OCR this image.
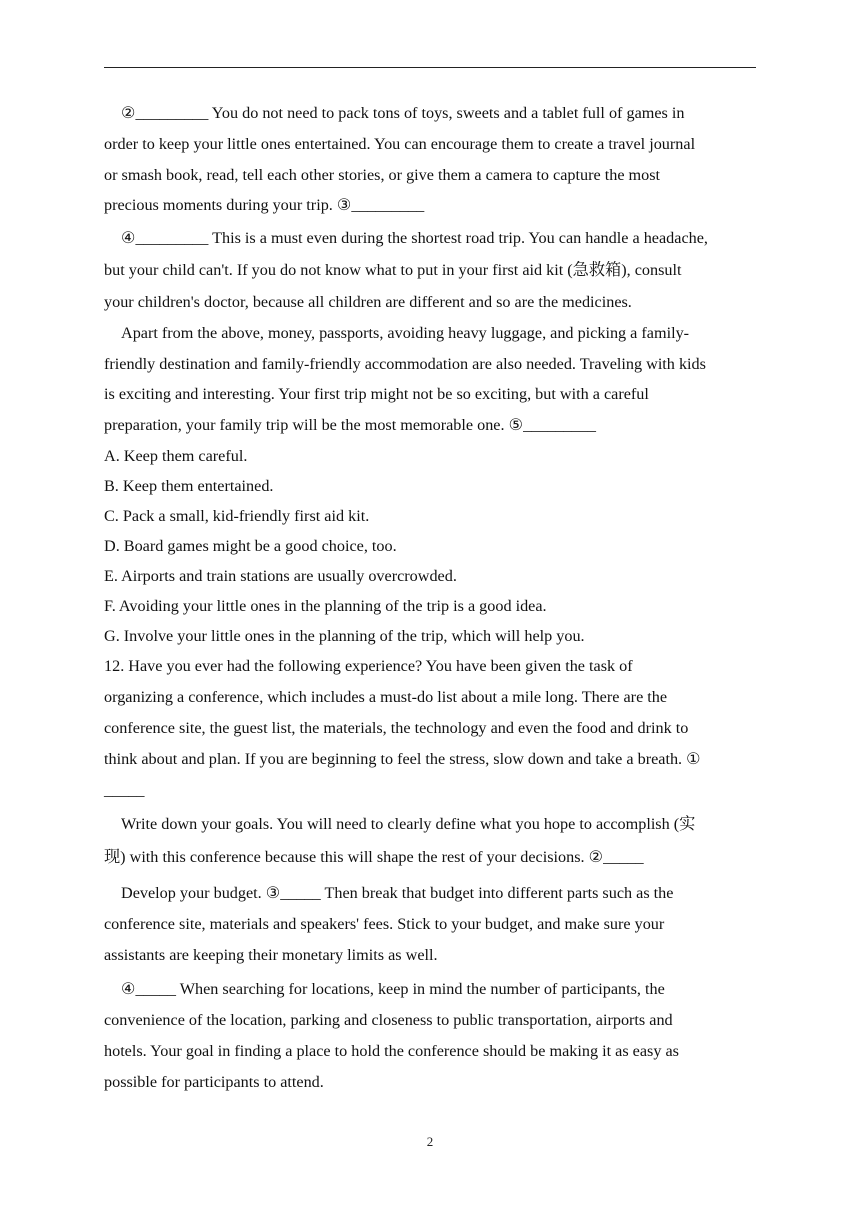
②_________ You do not need to pack tons of toys, sweets and a tablet full of games in
order to keep your little ones entertained. You can encourage them to create a travel journal
or smash book, read, tell each other stories, or give them a camera to capture the most
precious moments during your trip. ③_________
④_________ This is a must even during the shortest road trip. You can handle a headache,
but your child can't. If you do not know what to put in your first aid kit (急救箱), consult
your children's doctor, because all children are different and so are the medicines.
Apart from the above, money, passports, avoiding heavy luggage, and picking a family-
friendly destination and family-friendly accommodation are also needed. Traveling with kids
is exciting and interesting. Your first trip might not be so exciting, but with a careful
preparation, your family trip will be the most memorable one. ⑤_________

A. Keep them careful.

B. Keep them entertained.

C. Pack a small, kid-friendly first aid kit.

D. Board games might be a good choice, too.

E. Airports and train stations are usually overcrowded.

F. Avoiding your little ones in the planning of the trip is a good idea.

G. Involve your little ones in the planning of the trip, which will help you.

12. Have you ever had the following experience? You have been given the task of
organizing a conference, which includes a must-do list about a mile long. There are the
conference site, the guest list, the materials, the technology and even the food and drink to
think about and plan. If you are beginning to feel the stress, slow down and take a breath. ①
_____
Write down your goals. You will need to clearly define what you hope to accomplish (实
现) with this conference because this will shape the rest of your decisions. ②_____
Develop your budget. ③_____ Then break that budget into different parts such as the
conference site, materials and speakers' fees. Stick to your budget, and make sure your
assistants are keeping their monetary limits as well.
④_____ When searching for locations, keep in mind the number of participants, the
convenience of the location, parking and closeness to public transportation, airports and
hotels. Your goal in finding a place to hold the conference should be making it as easy as
possible for participants to attend.
2
